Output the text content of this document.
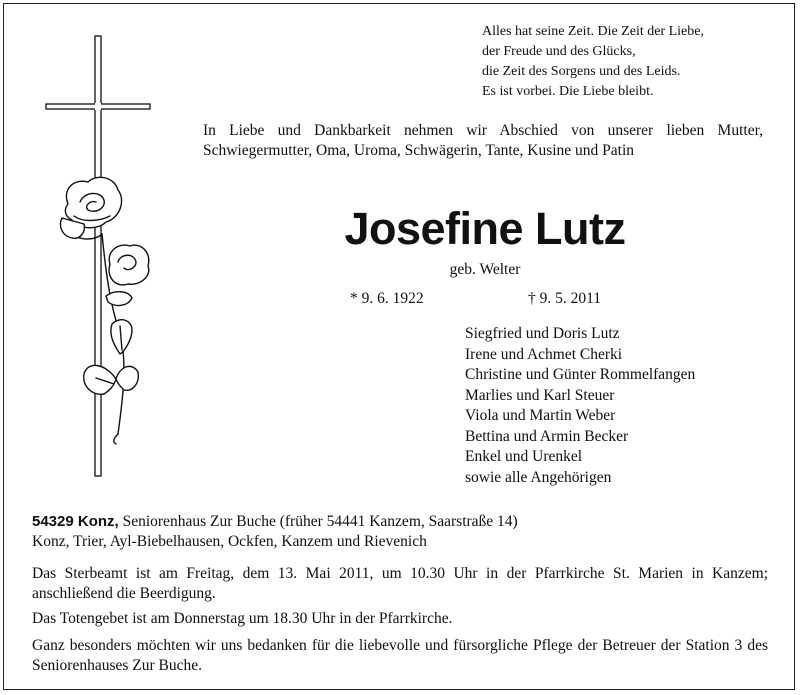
Alles hat seine Zeit. Die Zeit der Liebe,
der Freude und des Glücks,
die Zeit des Sorgens und des Leids.
Es ist vorbei. Die Liebe bleibt.
In Liebe und Dankbarkeit nehmen wir Abschied von unserer lieben Mutter, Schwiegermutter, Oma, Uroma, Schwägerin, Tante, Kusine und Patin
Josefine Lutz
geb. Welter
* 9. 6. 1922	† 9. 5. 2011
Siegfried und Doris Lutz
Irene und Achmet Cherki
Christine und Günter Rommelfangen
Marlies und Karl Steuer
Viola und Martin Weber
Bettina und Armin Becker
Enkel und Urenkel
sowie alle Angehörigen
54329 Konz, Seniorenhaus Zur Buche (früher 54441 Kanzem, Saarstraße 14)
Konz, Trier, Ayl-Biebelhausen, Ockfen, Kanzem und Rievenich
Das Sterbeamt ist am Freitag, dem 13. Mai 2011, um 10.30 Uhr in der Pfarrkirche St. Marien in Kanzem; anschließend die Beerdigung.
Das Totengebet ist am Donnerstag um 18.30 Uhr in der Pfarrkirche.
Ganz besonders möchten wir uns bedanken für die liebevolle und fürsorgliche Pflege der Betreuer der Station 3 des Seniorenhauses Zur Buche.
